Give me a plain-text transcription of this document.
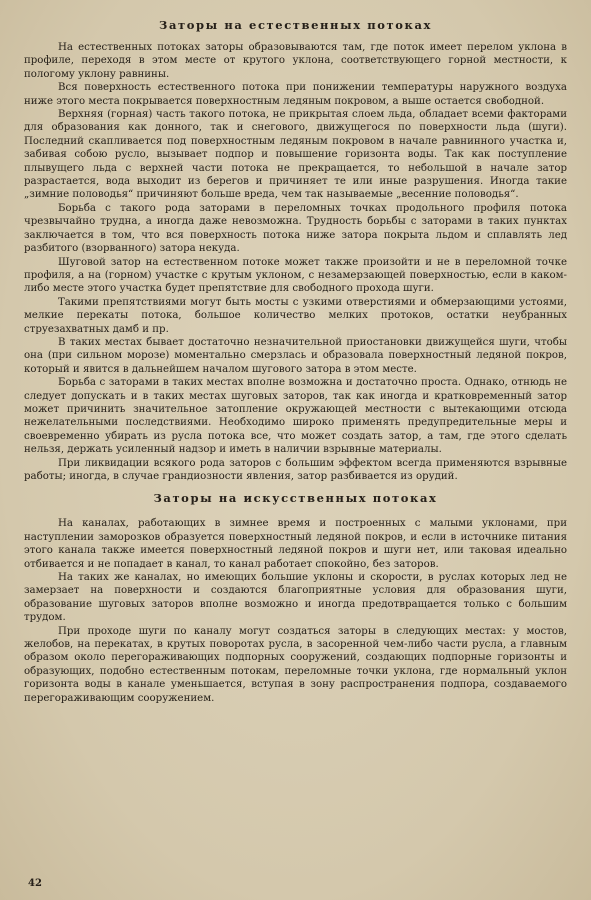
Заторы на естественных потоках

На естественных потоках заторы образовываются там, где поток имеет перелом уклона в профиле, переходя в этом месте от крутого уклона, соответствующего горной местности, к пологому уклону равнины.

Вся поверхность естественного потока при понижении температуры наружного воздуха ниже этого места покрывается поверхностным ледяным покровом, а выше остается свободной.

Верхняя (горная) часть такого потока, не прикрытая слоем льда, обладает всеми факторами для образования как донного, так и снегового, движущегося по поверхности льда (шуги). Последний скапливается под поверхностным ледяным покровом в начале равнинного участка и, забивая собою русло, вызывает подпор и повышение горизонта воды. Так как поступление плывущего льда с верхней части потока не прекращается, то небольшой в начале затор разрастается, вода выходит из берегов и причиняет те или иные разрушения. Иногда такие „зимние половодья“ причиняют больше вреда, чем так называемые „весенние половодья“.

Борьба с такого рода заторами в переломных точках продольного профиля потока чрезвычайно трудна, а иногда даже невозможна. Трудность борьбы с заторами в таких пунктах заключается в том, что вся поверхность потока ниже затора покрыта льдом и сплавлять лед разбитого (взорванного) затора некуда.

Шуговой затор на естественном потоке может также произойти и не в переломной точке профиля, а на (горном) участке с крутым уклоном, с незамерзающей поверхностью, если в каком-либо месте этого участка будет препятствие для свободного прохода шуги.

Такими препятствиями могут быть мосты с узкими отверстиями и обмерзающими устоями, мелкие перекаты потока, большое количество мелких протоков, остатки неубранных струезахватных дамб и пр.

В таких местах бывает достаточно незначительной приостановки движущейся шуги, чтобы она (при сильном морозе) моментально смерзлась и образовала поверхностный ледяной покров, который и явится в дальнейшем началом шугового затора в этом месте.

Борьба с заторами в таких местах вполне возможна и достаточно проста. Однако, отнюдь не следует допускать и в таких местах шуговых заторов, так как иногда и кратковременный затор может причинить значительное затопление окружающей местности с вытекающими отсюда нежелательными последствиями. Необходимо широко применять предупредительные меры и своевременно убирать из русла потока все, что может создать затор, а там, где этого сделать нельзя, держать усиленный надзор и иметь в наличии взрывные материалы.

При ликвидации всякого рода заторов с большим эффектом всегда применяются взрывные работы; иногда, в случае грандиозности явления, затор разбивается из орудий.

Заторы на искусственных потоках

На каналах, работающих в зимнее время и построенных с малыми уклонами, при наступлении заморозков образуется поверхностный ледяной покров, и если в источнике питания этого канала также имеется поверхностный ледяной покров и шуги нет, или таковая идеально отбивается и не попадает в канал, то канал работает спокойно, без заторов.

На таких же каналах, но имеющих большие уклоны и скорости, в руслах которых лед не замерзает на поверхности и создаются благоприятные условия для образования шуги, образование шуговых заторов вполне возможно и иногда предотвращается только с большим трудом.

При проходе шуги по каналу могут создаться заторы в следующих местах: у мостов, желобов, на перекатах, в крутых поворотах русла, в засоренной чем-либо части русла, а главным образом около перегораживающих подпорных сооружений, создающих подпорные горизонты и образующих, подобно естественным потокам, переломные точки уклона, где нормальный уклон горизонта воды в канале уменьшается, вступая в зону распространения подпора, создаваемого перегораживающим сооружением.

42
